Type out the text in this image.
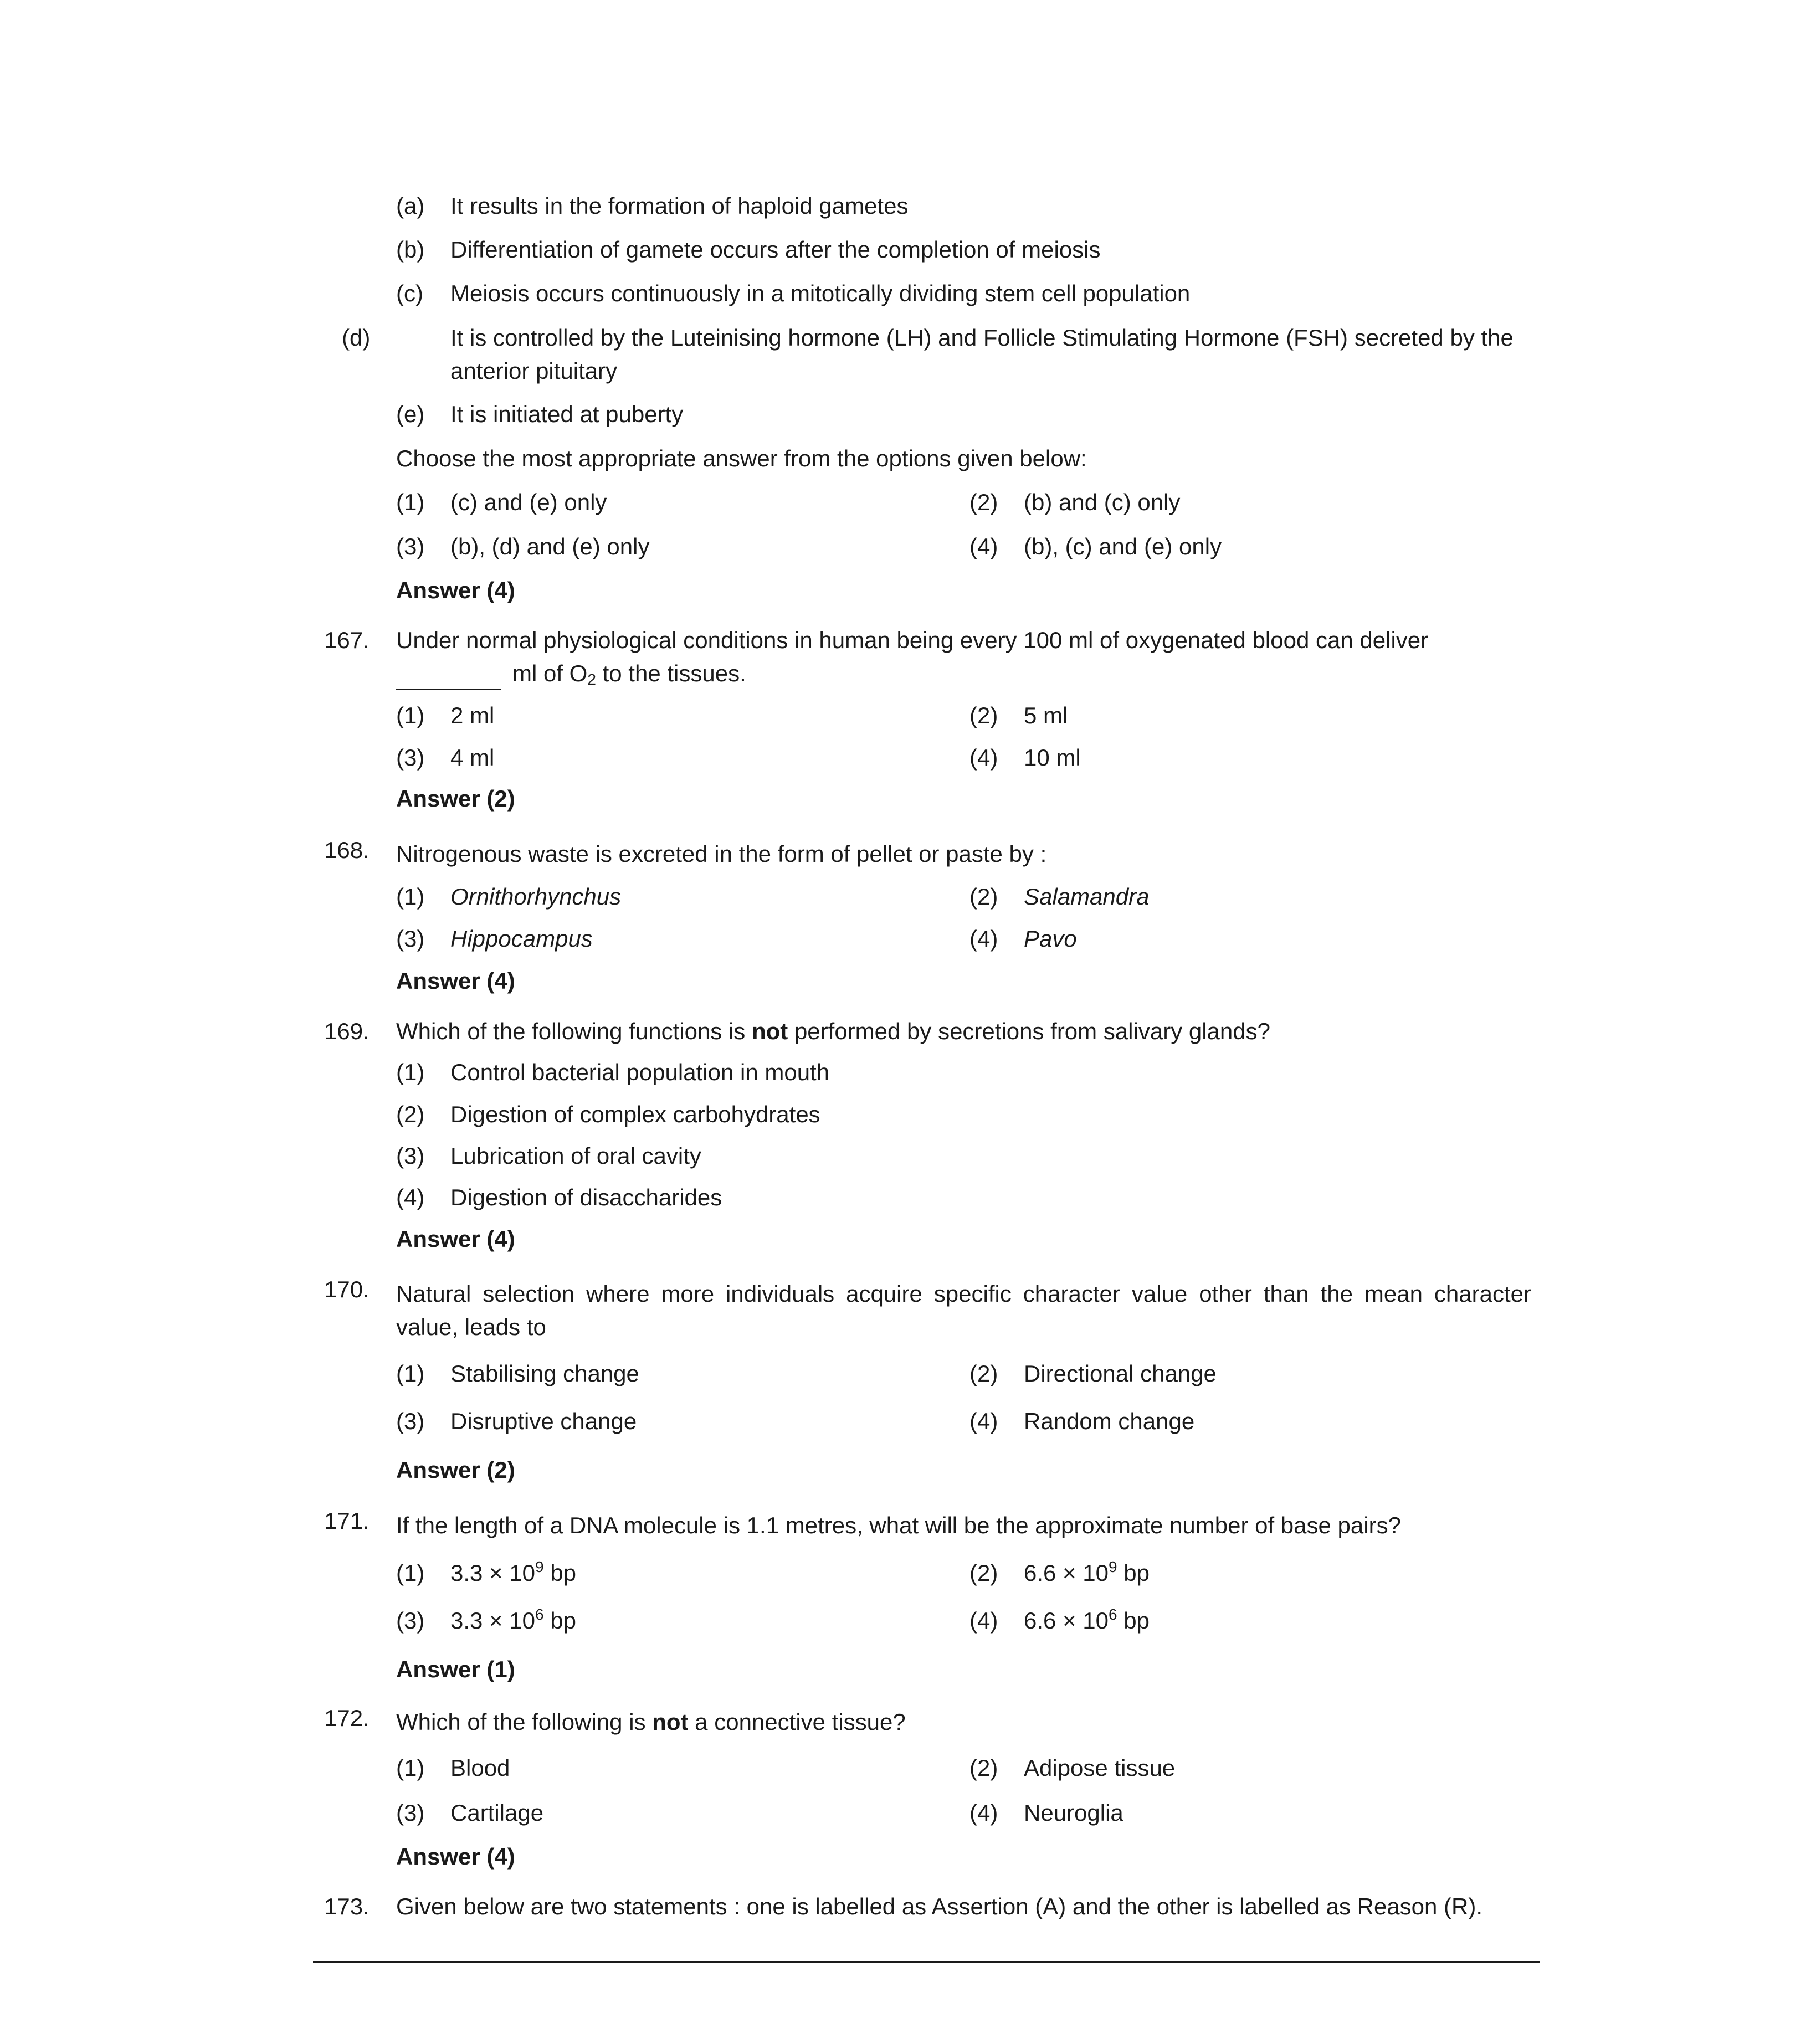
(a) It results in the formation of haploid gametes
(b) Differentiation of gamete occurs after the completion of meiosis
(c) Meiosis occurs continuously in a mitotically dividing stem cell population
(d)	It is controlled by the Luteinising hormone (LH) and Follicle Stimulating Hormone (FSH) secreted by the anterior pituitary
(e) It is initiated at puberty
Choose the most appropriate answer from the options given below:
(1) (c) and (e) only	(2) (b) and (c) only
(3) (b), (d) and (e) only	(4) (b), (c) and (e) only
Answer (4)
167. Under normal physiological conditions in human being every 100 ml of oxygenated blood can deliver
ml of $O_2$ to the tissues.
(1) 2 ml	(2) 5 ml
(3) 4 ml	(4) 10 ml
Answer (2)
168. Nitrogenous waste is excreted in the form of pellet or paste by :
(1) Ornithorhynchus	(2) Salamandra
(3) Hippocampus	(4) Pavo
Answer (4)
169. Which of the following functions is not performed by secretions from salivary glands?
(1) Control bacterial population in mouth
(2) Digestion of complex carbohydrates
(3) Lubrication of oral cavity
(4) Digestion of disaccharides
Answer (4)
170. Natural selection where more individuals acquire specific character value other than the mean character value, leads to
(1) Stabilising change	(2) Directional change
(3) Disruptive change	(4) Random change
Answer (2)
171. If the length of a DNA molecule is 1.1 metres, what will be the approximate number of base pairs?
(1) $3.3 \times 10^9$ bp	(2) $6.6 \times 10^9$ bp
(3) $3.3 \times 10^6$ bp	(4) $6.6 \times 10^6$ bp
Answer (1)
172. Which of the following is not a connective tissue?
(1) Blood	(2) Adipose tissue
(3) Cartilage	(4) Neuroglia
Answer (4)
173. Given below are two statements : one is labelled as Assertion (A) and the other is labelled as Reason (R).
